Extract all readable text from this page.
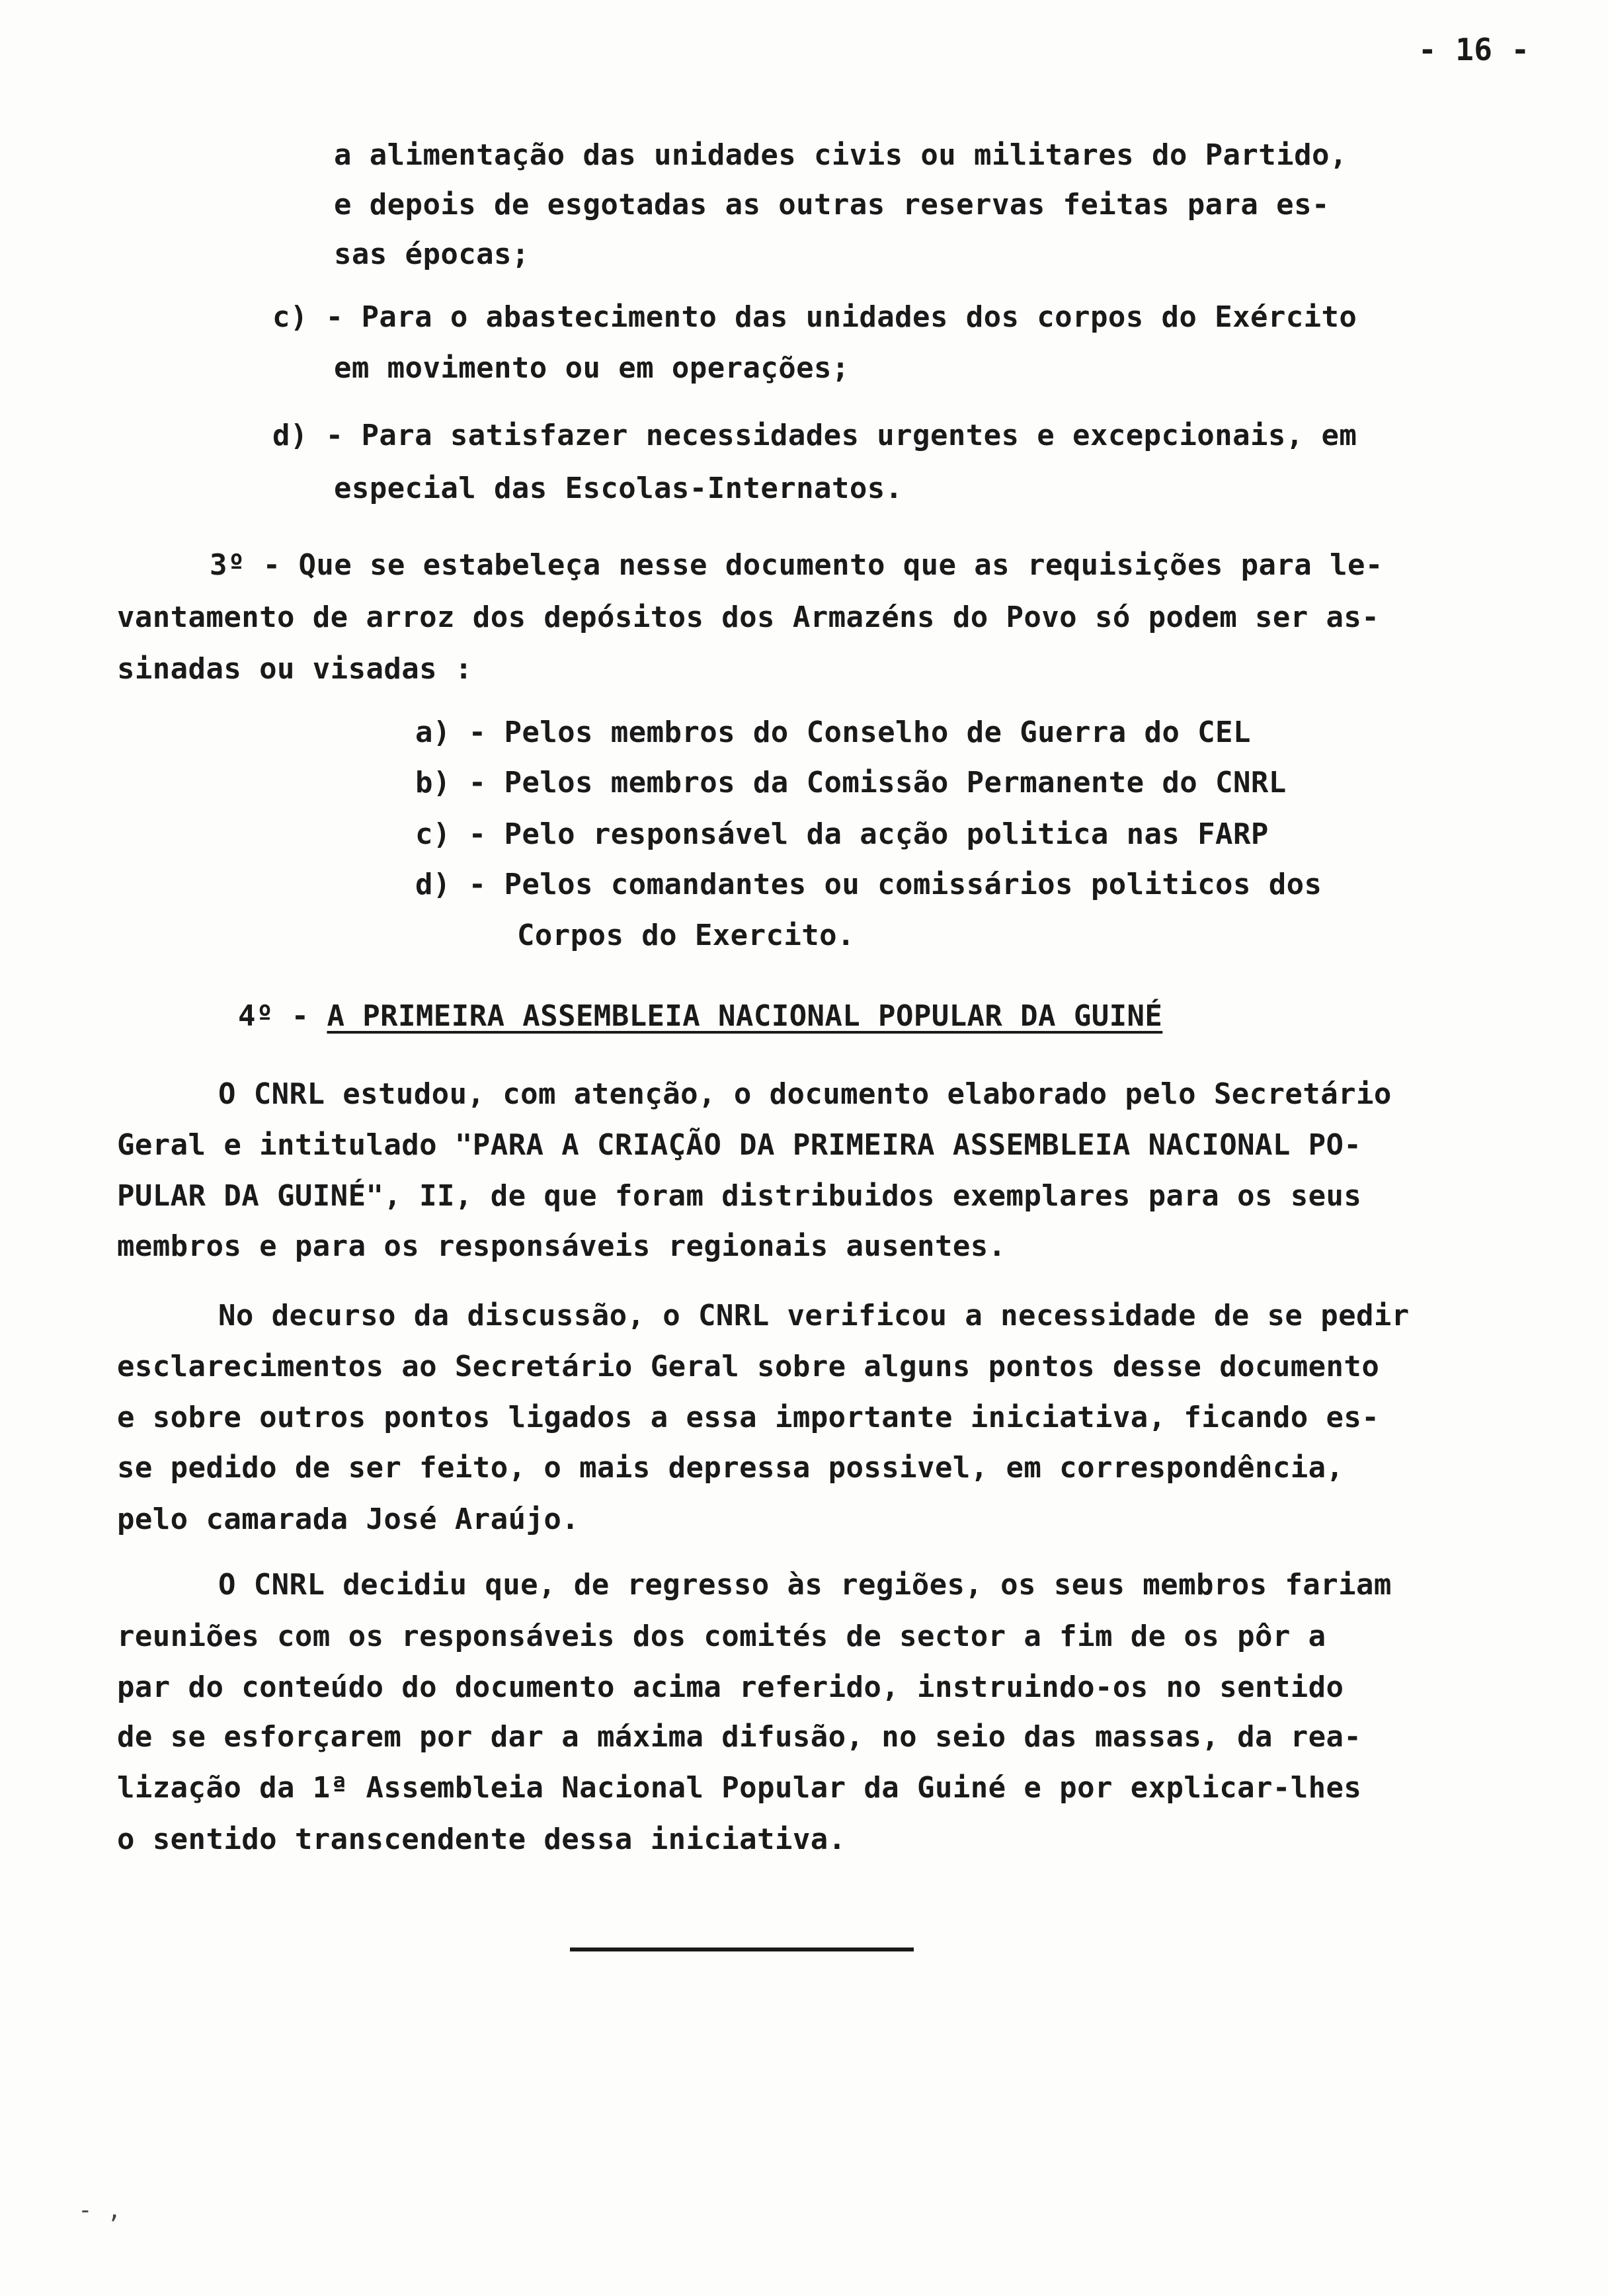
- 16 -
a alimentação das unidades civis ou militares do Partido,
e depois de esgotadas as outras reservas feitas para es-
sas épocas;
c) - Para o abastecimento das unidades dos corpos do Exército
em movimento ou em operações;
d) - Para satisfazer necessidades urgentes e excepcionais, em
especial das Escolas-Internatos.
3º - Que se estabeleça nesse documento que as requisições para le-
vantamento de arroz dos depósitos dos Armazéns do Povo só podem ser as-
sinadas ou visadas :
a) - Pelos membros do Conselho de Guerra do CEL
b) - Pelos membros da Comissão Permanente do CNRL
c) - Pelo responsável da acção politica nas FARP
d) - Pelos comandantes ou comissários politicos dos
Corpos do Exercito.
4º - A PRIMEIRA ASSEMBLEIA NACIONAL POPULAR DA GUINÉ
O CNRL estudou, com atenção, o documento elaborado pelo Secretário
Geral e intitulado "PARA A CRIAÇÃO DA PRIMEIRA ASSEMBLEIA NACIONAL PO-
PULAR DA GUINÉ", II, de que foram distribuidos exemplares para os seus
membros e para os responsáveis regionais ausentes.
No decurso da discussão, o CNRL verificou a necessidade de se pedir
esclarecimentos ao Secretário Geral sobre alguns pontos desse documento
e sobre outros pontos ligados a essa importante iniciativa, ficando es-
se pedido de ser feito, o mais depressa possivel, em correspondência,
pelo camarada José Araújo.
O CNRL decidiu que, de regresso às regiões, os seus membros fariam
reuniões com os responsáveis dos comités de sector a fim de os pôr a
par do conteúdo do documento acima referido, instruindo-os no sentido
de se esforçarem por dar a máxima difusão, no seio das massas, da rea-
lização da 1ª Assembleia Nacional Popular da Guiné e por explicar-lhes
o sentido transcendente dessa iniciativa.
- ,
